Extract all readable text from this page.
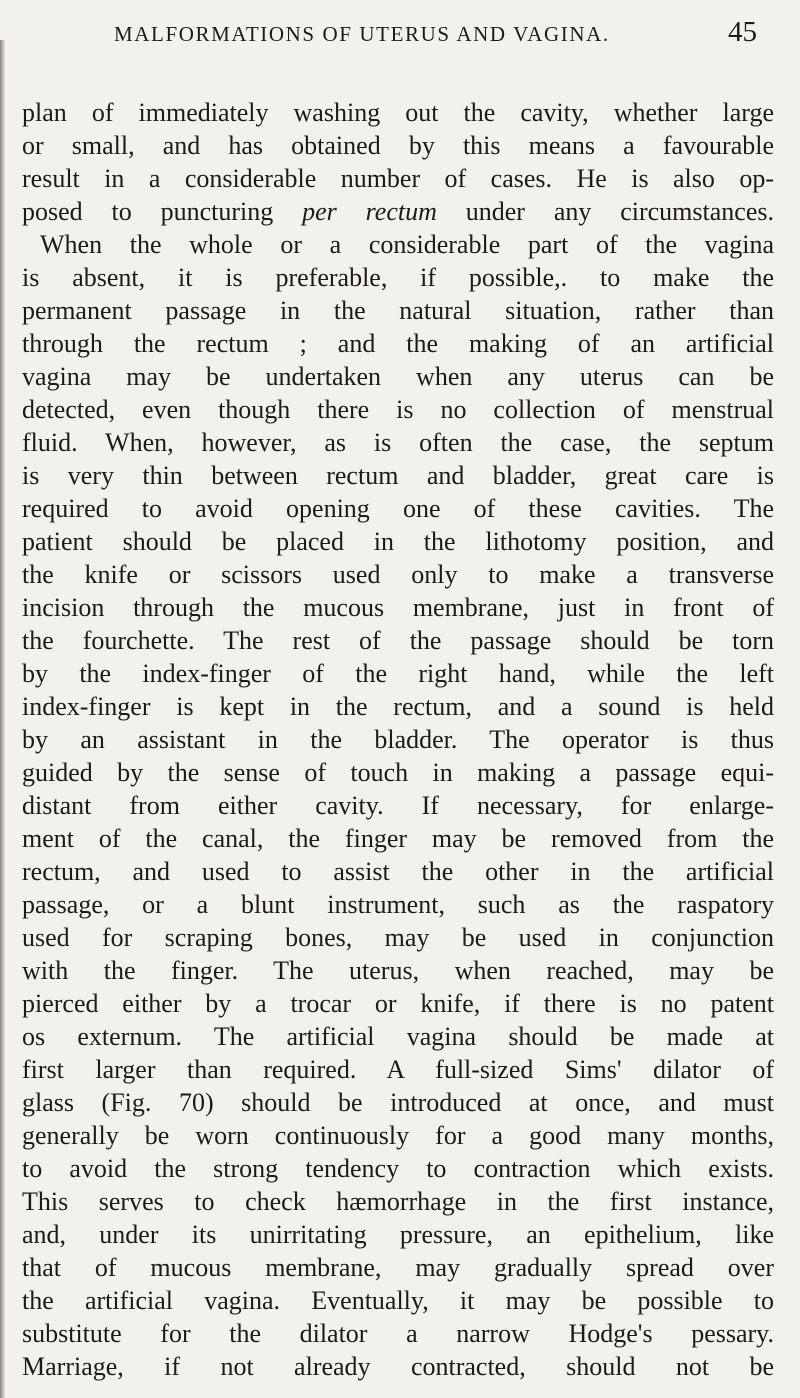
MALFORMATIONS OF UTERUS AND VAGINA.	45
plan of immediately washing out the cavity, whether large
or small, and has obtained by this means a favourable
result in a considerable number of cases. He is also op-
posed to puncturing per rectum under any circumstances.
When the whole or a considerable part of the vagina
is absent, it is preferable, if possible,. to make the
permanent passage in the natural situation, rather than
through the rectum ; and the making of an artificial
vagina may be undertaken when any uterus can be
detected, even though there is no collection of menstrual
fluid. When, however, as is often the case, the septum
is very thin between rectum and bladder, great care is
required to avoid opening one of these cavities. The
patient should be placed in the lithotomy position, and
the knife or scissors used only to make a transverse
incision through the mucous membrane, just in front of
the fourchette. The rest of the passage should be torn
by the index-finger of the right hand, while the left
index-finger is kept in the rectum, and a sound is held
by an assistant in the bladder. The operator is thus
guided by the sense of touch in making a passage equi-
distant from either cavity. If necessary, for enlarge-
ment of the canal, the finger may be removed from the
rectum, and used to assist the other in the artificial
passage, or a blunt instrument, such as the raspatory
used for scraping bones, may be used in conjunction
with the finger. The uterus, when reached, may be
pierced either by a trocar or knife, if there is no patent
os externum. The artificial vagina should be made at
first larger than required. A full-sized Sims' dilator of
glass (Fig. 70) should be introduced at once, and must
generally be worn continuously for a good many months,
to avoid the strong tendency to contraction which exists.
This serves to check hæmorrhage in the first instance,
and, under its unirritating pressure, an epithelium, like
that of mucous membrane, may gradually spread over
the artificial vagina. Eventually, it may be possible to
substitute for the dilator a narrow Hodge's pessary.
Marriage, if not already contracted, should not be
